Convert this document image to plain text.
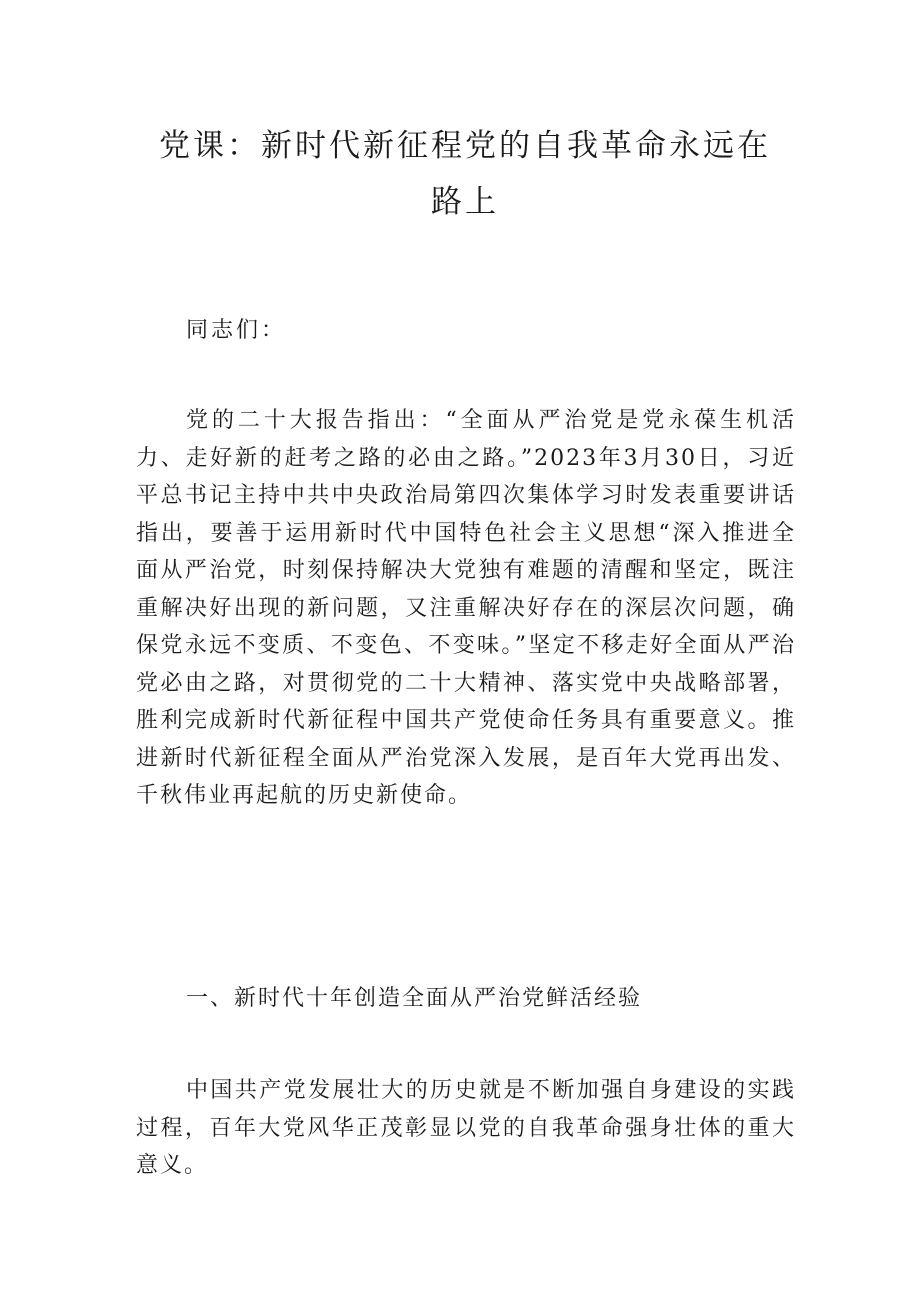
党课：新时代新征程党的自我革命永远在路上

同志们：

党的二十大报告指出：“全面从严治党是党永葆生机活力、走好新的赶考之路的必由之路。”2023年3月30日，习近平总书记主持中共中央政治局第四次集体学习时发表重要讲话指出，要善于运用新时代中国特色社会主义思想“深入推进全面从严治党，时刻保持解决大党独有难题的清醒和坚定，既注重解决好出现的新问题，又注重解决好存在的深层次问题，确保党永远不变质、不变色、不变味。”坚定不移走好全面从严治党必由之路，对贯彻党的二十大精神、落实党中央战略部署，胜利完成新时代新征程中国共产党使命任务具有重要意义。推进新时代新征程全面从严治党深入发展，是百年大党再出发、千秋伟业再起航的历史新使命。

一、新时代十年创造全面从严治党鲜活经验

中国共产党发展壮大的历史就是不断加强自身建设的实践过程，百年大党风华正茂彰显以党的自我革命强身壮体的重大意义。
